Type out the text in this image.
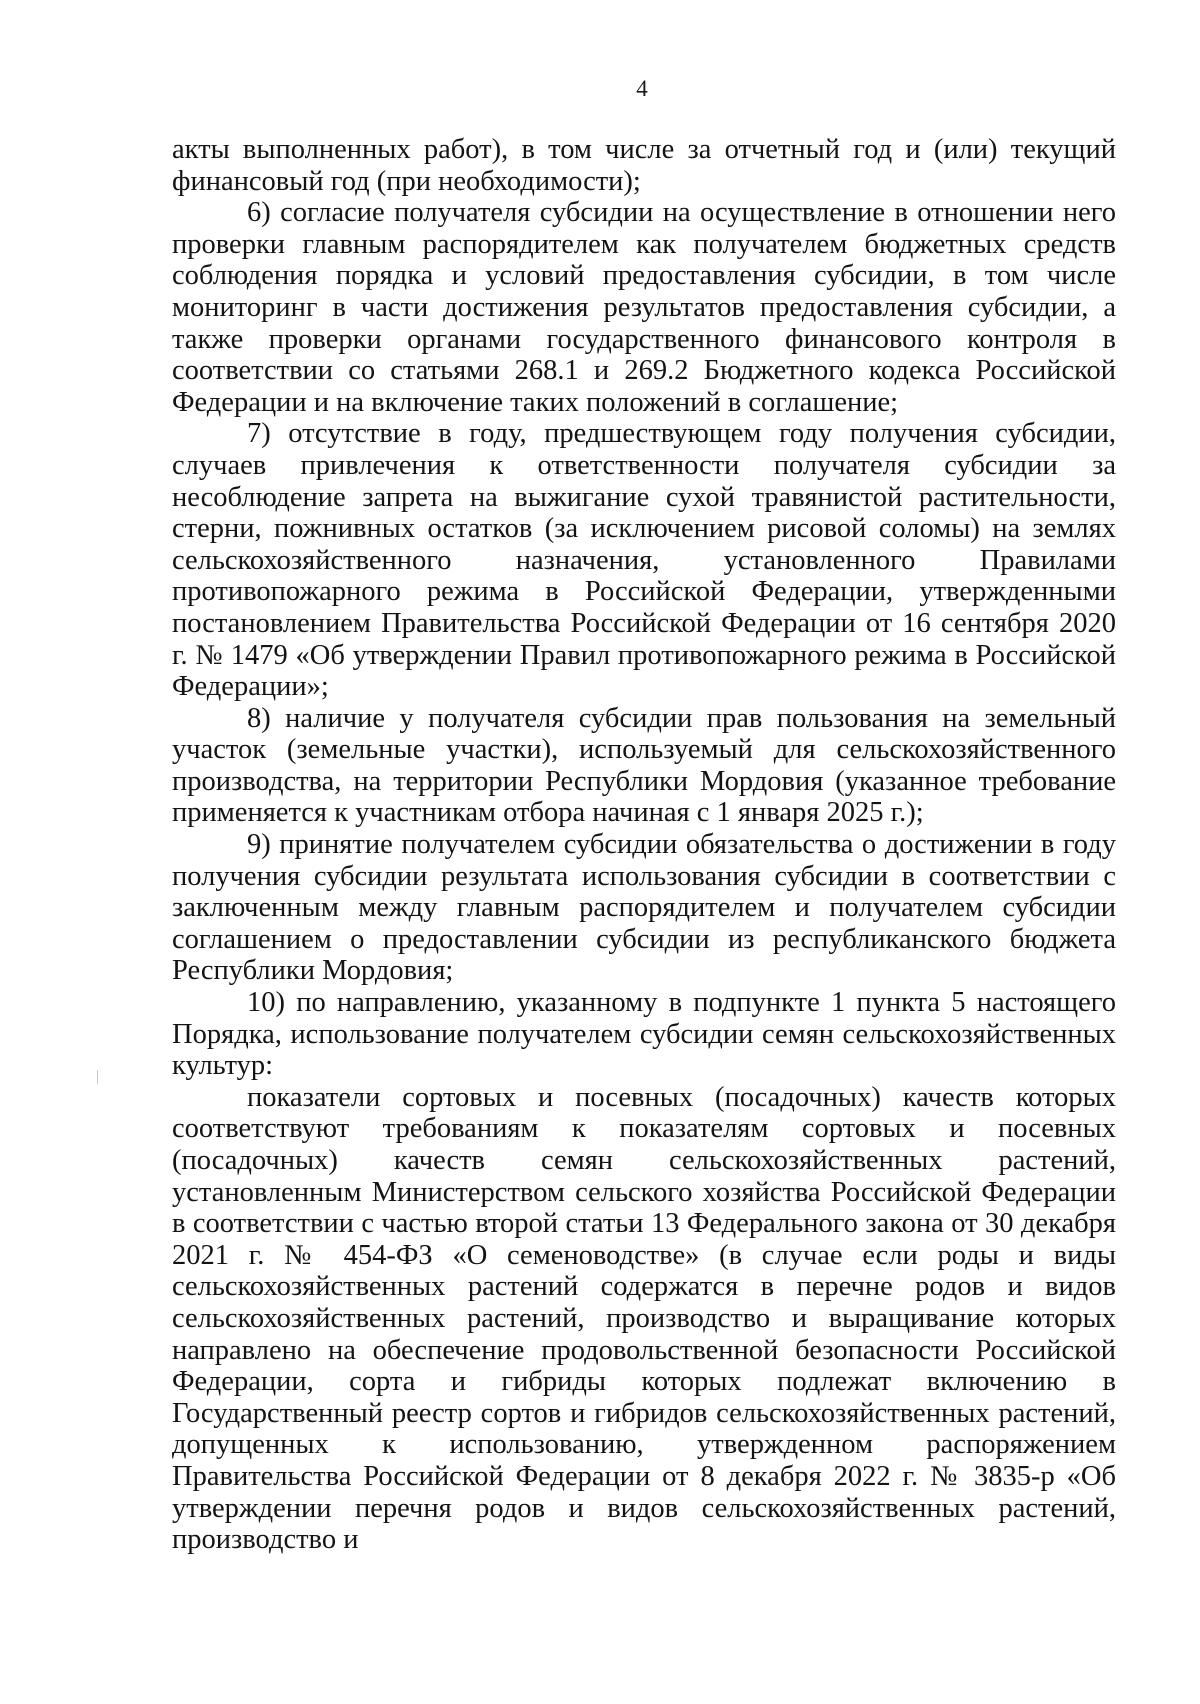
4

акты выполненных работ), в том числе за отчетный год и (или) текущий финансовый год (при необходимости);

6) согласие получателя субсидии на осуществление в отношении него проверки главным распорядителем как получателем бюджетных средств соблюдения порядка и условий предоставления субсидии, в том числе мониторинг в части достижения результатов предоставления субсидии, а также проверки органами государственного финансового контроля в соответствии со статьями 268.1 и 269.2 Бюджетного кодекса Российской Федерации и на включение таких положений в соглашение;

7) отсутствие в году, предшествующем году получения субсидии, случаев привлечения к ответственности получателя субсидии за несоблюдение запрета на выжигание сухой травянистой растительности, стерни, пожнивных остатков (за исключением рисовой соломы) на землях сельскохозяйственного назначения, установленного Правилами противопожарного режима в Российской Федерации, утвержденными постановлением Правительства Российской Федерации от 16 сентября 2020 г. № 1479 «Об утверждении Правил противопожарного режима в Российской Федерации»;

8) наличие у получателя субсидии прав пользования на земельный участок (земельные участки), используемый для сельскохозяйственного производства, на территории Республики Мордовия (указанное требование применяется к участникам отбора начиная с 1 января 2025 г.);

9) принятие получателем субсидии обязательства о достижении в году получения субсидии результата использования субсидии в соответствии с заключенным между главным распорядителем и получателем субсидии соглашением о предоставлении субсидии из республиканского бюджета Республики Мордовия;

10) по направлению, указанному в подпункте 1 пункта 5 настоящего Порядка, использование получателем субсидии семян сельскохозяйственных культур:

показатели сортовых и посевных (посадочных) качеств которых соответствуют требованиям к показателям сортовых и посевных (посадочных) качеств семян сельскохозяйственных растений, установленным Министерством сельского хозяйства Российской Федерации в соответствии с частью второй статьи 13 Федерального закона от 30 декабря 2021 г. № 454-ФЗ «О семеноводстве» (в случае если роды и виды сельскохозяйственных растений содержатся в перечне родов и видов сельскохозяйственных растений, производство и выращивание которых направлено на обеспечение продовольственной безопасности Российской Федерации, сорта и гибриды которых подлежат включению в Государственный реестр сортов и гибридов сельскохозяйственных растений, допущенных к использованию, утвержденном распоряжением Правительства Российской Федерации от 8 декабря 2022 г. № 3835-р «Об утверждении перечня родов и видов сельскохозяйственных растений, производство и
